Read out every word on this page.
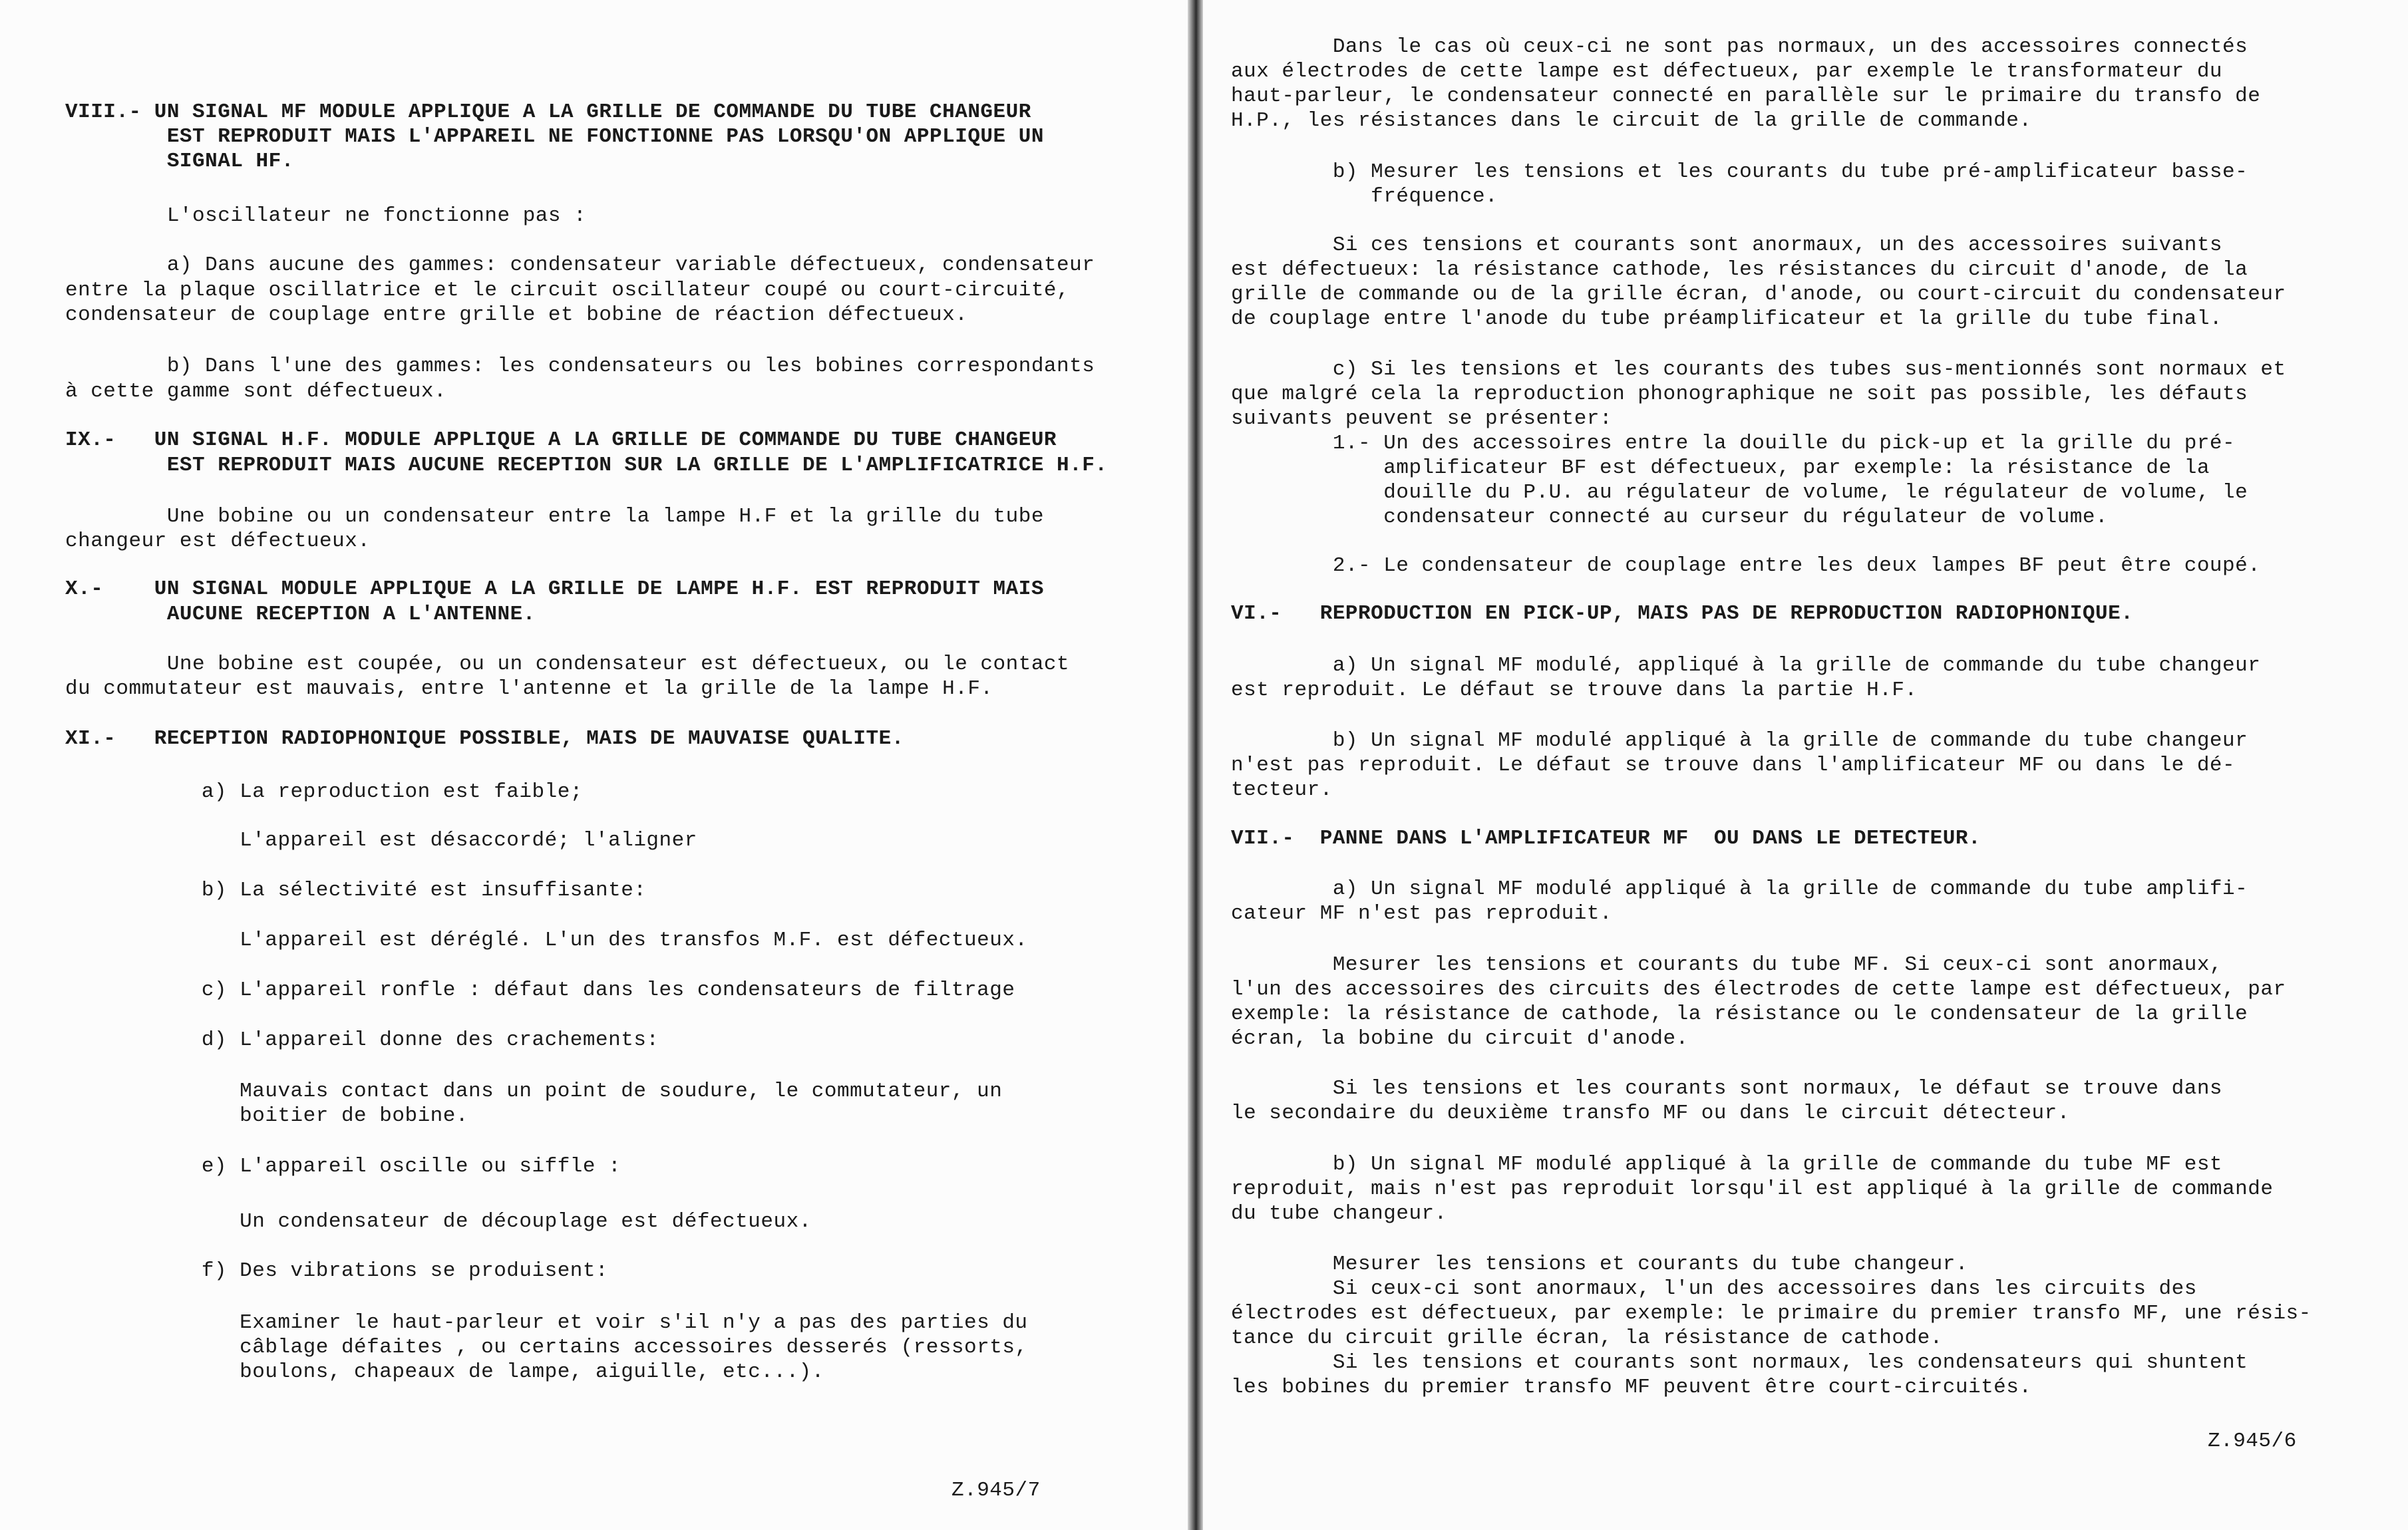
VIII.- UN SIGNAL MF MODULE APPLIQUE A LA GRILLE DE COMMANDE DU TUBE CHANGEUR

EST REPRODUIT MAIS L'APPAREIL NE FONCTIONNE PAS LORSQU'ON APPLIQUE UN

SIGNAL HF.

L'oscillateur ne fonctionne pas :

a) Dans aucune des gammes: condensateur variable défectueux, condensateur

entre la plaque oscillatrice et le circuit oscillateur coupé ou court-circuité,

condensateur de couplage entre grille et bobine de réaction défectueux.

b) Dans l'une des gammes: les condensateurs ou les bobines correspondants

à cette gamme sont défectueux.

IX.-   UN SIGNAL H.F. MODULE APPLIQUE A LA GRILLE DE COMMANDE DU TUBE CHANGEUR

EST REPRODUIT MAIS AUCUNE RECEPTION SUR LA GRILLE DE L'AMPLIFICATRICE H.F.

Une bobine ou un condensateur entre la lampe H.F et la grille du tube

changeur est défectueux.

X.-    UN SIGNAL MODULE APPLIQUE A LA GRILLE DE LAMPE H.F. EST REPRODUIT MAIS

AUCUNE RECEPTION A L'ANTENNE.

Une bobine est coupée, ou un condensateur est défectueux, ou le contact

du commutateur est mauvais, entre l'antenne et la grille de la lampe H.F.

XI.-   RECEPTION RADIOPHONIQUE POSSIBLE, MAIS DE MAUVAISE QUALITE.

a) La reproduction est faible;

L'appareil est désaccordé; l'aligner

b) La sélectivité est insuffisante:

L'appareil est déréglé. L'un des transfos M.F. est défectueux.

c) L'appareil ronfle : défaut dans les condensateurs de filtrage

d) L'appareil donne des crachements:

Mauvais contact dans un point de soudure, le commutateur, un

boitier de bobine.

e) L'appareil oscille ou siffle :

Un condensateur de découplage est défectueux.

f) Des vibrations se produisent:

Examiner le haut-parleur et voir s'il n'y a pas des parties du

câblage défaites , ou certains accessoires desserés (ressorts,

boulons, chapeaux de lampe, aiguille, etc...).

Z.945/7

Dans le cas où ceux-ci ne sont pas normaux, un des accessoires connectés

aux électrodes de cette lampe est défectueux, par exemple le transformateur du

haut-parleur, le condensateur connecté en parallèle sur le primaire du transfo de

H.P., les résistances dans le circuit de la grille de commande.

b) Mesurer les tensions et les courants du tube pré-amplificateur basse-

fréquence.

Si ces tensions et courants sont anormaux, un des accessoires suivants

est défectueux: la résistance cathode, les résistances du circuit d'anode, de la

grille de commande ou de la grille écran, d'anode, ou court-circuit du condensateur

de couplage entre l'anode du tube préamplificateur et la grille du tube final.

c) Si les tensions et les courants des tubes sus-mentionnés sont normaux et

que malgré cela la reproduction phonographique ne soit pas possible, les défauts

suivants peuvent se présenter:

1.- Un des accessoires entre la douille du pick-up et la grille du pré-

amplificateur BF est défectueux, par exemple: la résistance de la

douille du P.U. au régulateur de volume, le régulateur de volume, le

condensateur connecté au curseur du régulateur de volume.

2.- Le condensateur de couplage entre les deux lampes BF peut être coupé.

VI.-   REPRODUCTION EN PICK-UP, MAIS PAS DE REPRODUCTION RADIOPHONIQUE.

a) Un signal MF modulé, appliqué à la grille de commande du tube changeur

est reproduit. Le défaut se trouve dans la partie H.F.

b) Un signal MF modulé appliqué à la grille de commande du tube changeur

n'est pas reproduit. Le défaut se trouve dans l'amplificateur MF ou dans le dé-

tecteur.

VII.-  PANNE DANS L'AMPLIFICATEUR MF  OU DANS LE DETECTEUR.

a) Un signal MF modulé appliqué à la grille de commande du tube amplifi-

cateur MF n'est pas reproduit.

Mesurer les tensions et courants du tube MF. Si ceux-ci sont anormaux,

l'un des accessoires des circuits des électrodes de cette lampe est défectueux, par

exemple: la résistance de cathode, la résistance ou le condensateur de la grille

écran, la bobine du circuit d'anode.

Si les tensions et les courants sont normaux, le défaut se trouve dans

le secondaire du deuxième transfo MF ou dans le circuit détecteur.

b) Un signal MF modulé appliqué à la grille de commande du tube MF est

reproduit, mais n'est pas reproduit lorsqu'il est appliqué à la grille de commande

du tube changeur.

Mesurer les tensions et courants du tube changeur.

Si ceux-ci sont anormaux, l'un des accessoires dans les circuits des

électrodes est défectueux, par exemple: le primaire du premier transfo MF, une résis-

tance du circuit grille écran, la résistance de cathode.

Si les tensions et courants sont normaux, les condensateurs qui shuntent

les bobines du premier transfo MF peuvent être court-circuités.

Z.945/6
